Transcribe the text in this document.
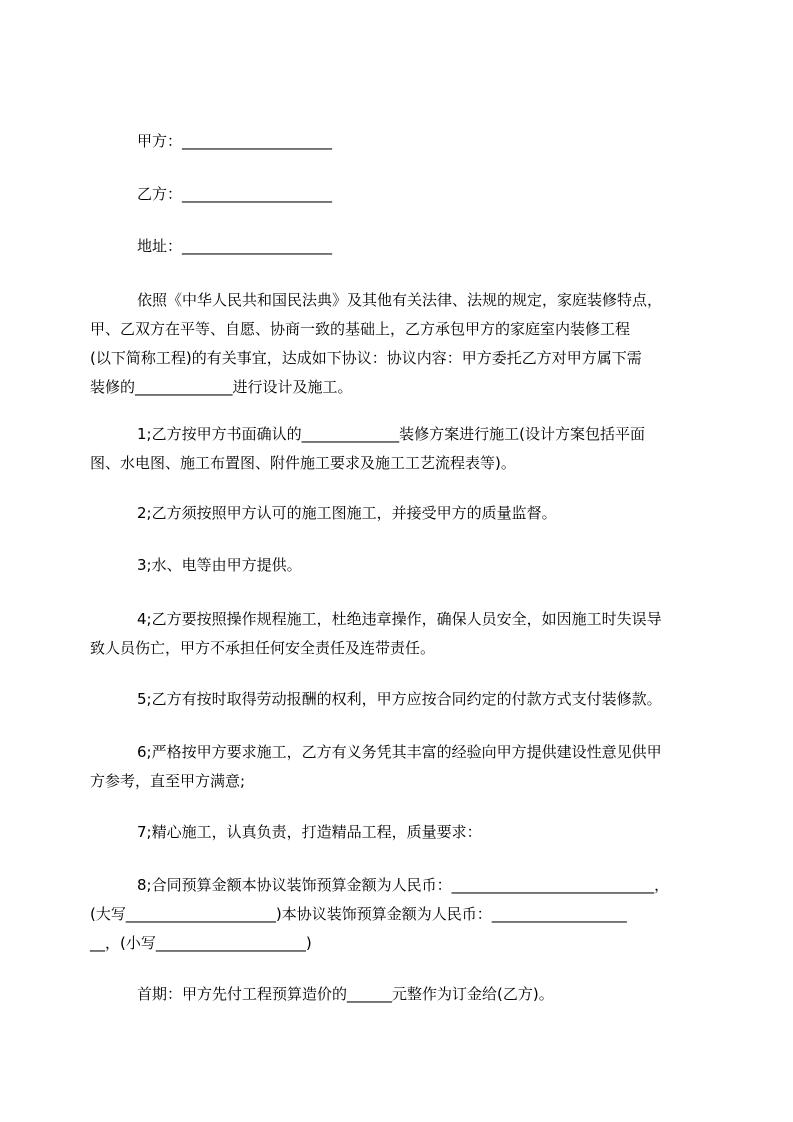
甲方：____________________
乙方：____________________
地址：____________________
依照《中华人民共和国民法典》及其他有关法律、法规的规定，家庭装修特点，
甲、乙双方在平等、自愿、协商一致的基础上，乙方承包甲方的家庭室内装修工程
(以下简称工程)的有关事宜，达成如下协议：协议内容：甲方委托乙方对甲方属下需
装修的_____________进行设计及施工。
1;乙方按甲方书面确认的_____________装修方案进行施工(设计方案包括平面
图、水电图、施工布置图、附件施工要求及施工工艺流程表等)。
2;乙方须按照甲方认可的施工图施工，并接受甲方的质量监督。
3;水、电等由甲方提供。
4;乙方要按照操作规程施工，杜绝违章操作，确保人员安全，如因施工时失误导
致人员伤亡，甲方不承担任何安全责任及连带责任。
5;乙方有按时取得劳动报酬的权利，甲方应按合同约定的付款方式支付装修款。
6;严格按甲方要求施工，乙方有义务凭其丰富的经验向甲方提供建设性意见供甲
方参考，直至甲方满意;
7;精心施工，认真负责，打造精品工程，质量要求：
8;合同预算金额本协议装饰预算金额为人民币：___________________________，
(大写____________________)本协议装饰预算金额为人民币：__________________
__，(小写____________________)
首期：甲方先付工程预算造价的______元整作为订金给(乙方)。
